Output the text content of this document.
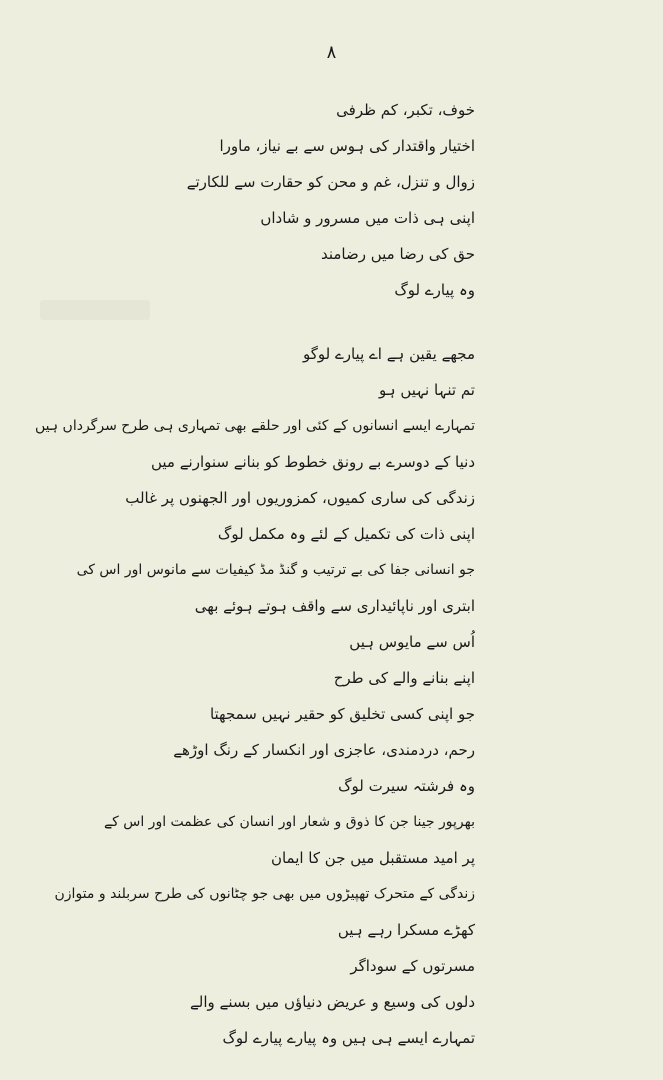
۸
خوف، تکبر، کم ظرفی
اختیار واقتدار کی ہوس سے بے نیاز، ماورا
زوال و تنزل، غم و محن کو حقارت سے للکارتے
اپنی ہی ذات میں مسرور و شاداں
حق کی رضا میں رضامند
وہ پیارے لوگ
مجھے یقین ہے اے پیارے لوگو
تم تنہا نہیں ہو
تمہارے ایسے انسانوں کے کئی اور حلقے بھی تمہاری ہی طرح سرگرداں ہیں
دنیا کے دوسرے بے رونق خطوط کو بنانے سنوارنے میں
زندگی کی ساری کمیوں، کمزوریوں اور الجھنوں پر غالب
اپنی ذات کی تکمیل کے لئے وہ مکمل لوگ
جو انسانی جفا کی بے ترتیب و گنڈ مڈ کیفیات سے مانوس اور اس کی
ابتری اور ناپائیداری سے واقف ہوتے ہوئے بھی
اُس سے مایوس ہیں
اپنے بنانے والے کی طرح
جو اپنی کسی تخلیق کو حقیر نہیں سمجھتا
رحم، دردمندی، عاجزی اور انکسار کے رنگ اوڑھے
وہ فرشتہ سیرت لوگ
بھرپور جینا جن کا ذوق و شعار اور انسان کی عظمت اور اس کے
پر امید مستقبل میں جن کا ایمان
زندگی کے متحرک تھپیڑوں میں بھی جو چٹانوں کی طرح سربلند و متوازن
کھڑے مسکرا رہے ہیں
مسرتوں کے سوداگر
دلوں کی وسیع و عریض دنیاؤں میں بسنے والے
تمہارے ایسے ہی ہیں وہ پیارے پیارے لوگ
